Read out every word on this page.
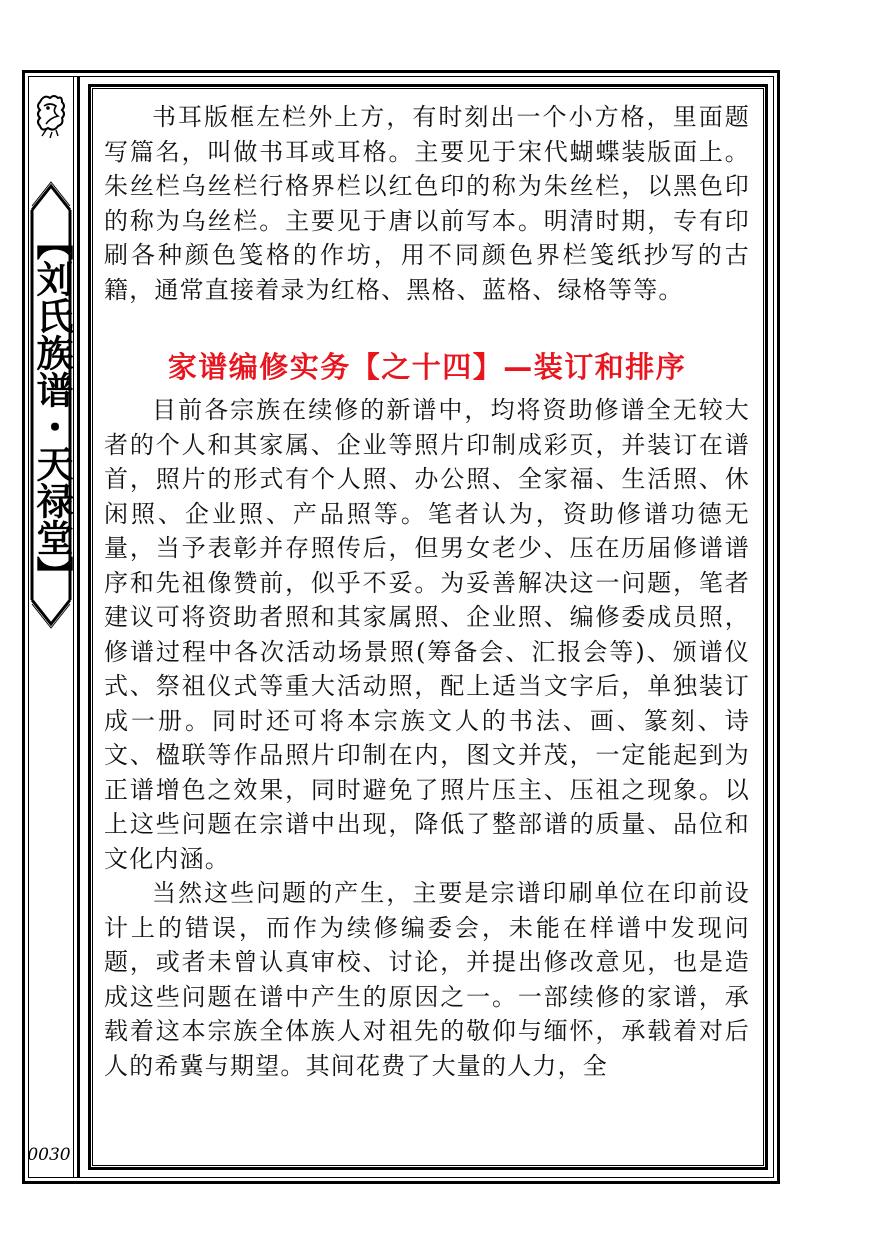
【刘氏族谱・天禄堂】
0030

书耳版框左栏外上方，有时刻出一个小方格，里面题写篇名，叫做书耳或耳格。主要见于宋代蝴蝶装版面上。朱丝栏乌丝栏行格界栏以红色印的称为朱丝栏，以黑色印的称为乌丝栏。主要见于唐以前写本。明清时期，专有印刷各种颜色笺格的作坊，用不同颜色界栏笺纸抄写的古籍，通常直接着录为红格、黑格、蓝格、绿格等等。

家谱编修实务【之十四】—装订和排序

目前各宗族在续修的新谱中，均将资助修谱全无较大者的个人和其家属、企业等照片印制成彩页，并装订在谱首，照片的形式有个人照、办公照、全家福、生活照、休闲照、企业照、产品照等。笔者认为，资助修谱功德无量，当予表彰并存照传后，但男女老少、压在历届修谱谱序和先祖像赞前，似乎不妥。为妥善解决这一问题，笔者建议可将资助者照和其家属照、企业照、编修委成员照，修谱过程中各次活动场景照(筹备会、汇报会等)、颁谱仪式、祭祖仪式等重大活动照，配上适当文字后，单独装订成一册。同时还可将本宗族文人的书法、画、篆刻、诗文、楹联等作品照片印制在内，图文并茂，一定能起到为正谱增色之效果，同时避免了照片压主、压祖之现象。以上这些问题在宗谱中出现，降低了整部谱的质量、品位和文化内涵。

当然这些问题的产生，主要是宗谱印刷单位在印前设计上的错误，而作为续修编委会，未能在样谱中发现问题，或者未曾认真审校、讨论，并提出修改意见，也是造成这些问题在谱中产生的原因之一。一部续修的家谱，承载着这本宗族全体族人对祖先的敬仰与缅怀，承载着对后人的希冀与期望。其间花费了大量的人力，全
